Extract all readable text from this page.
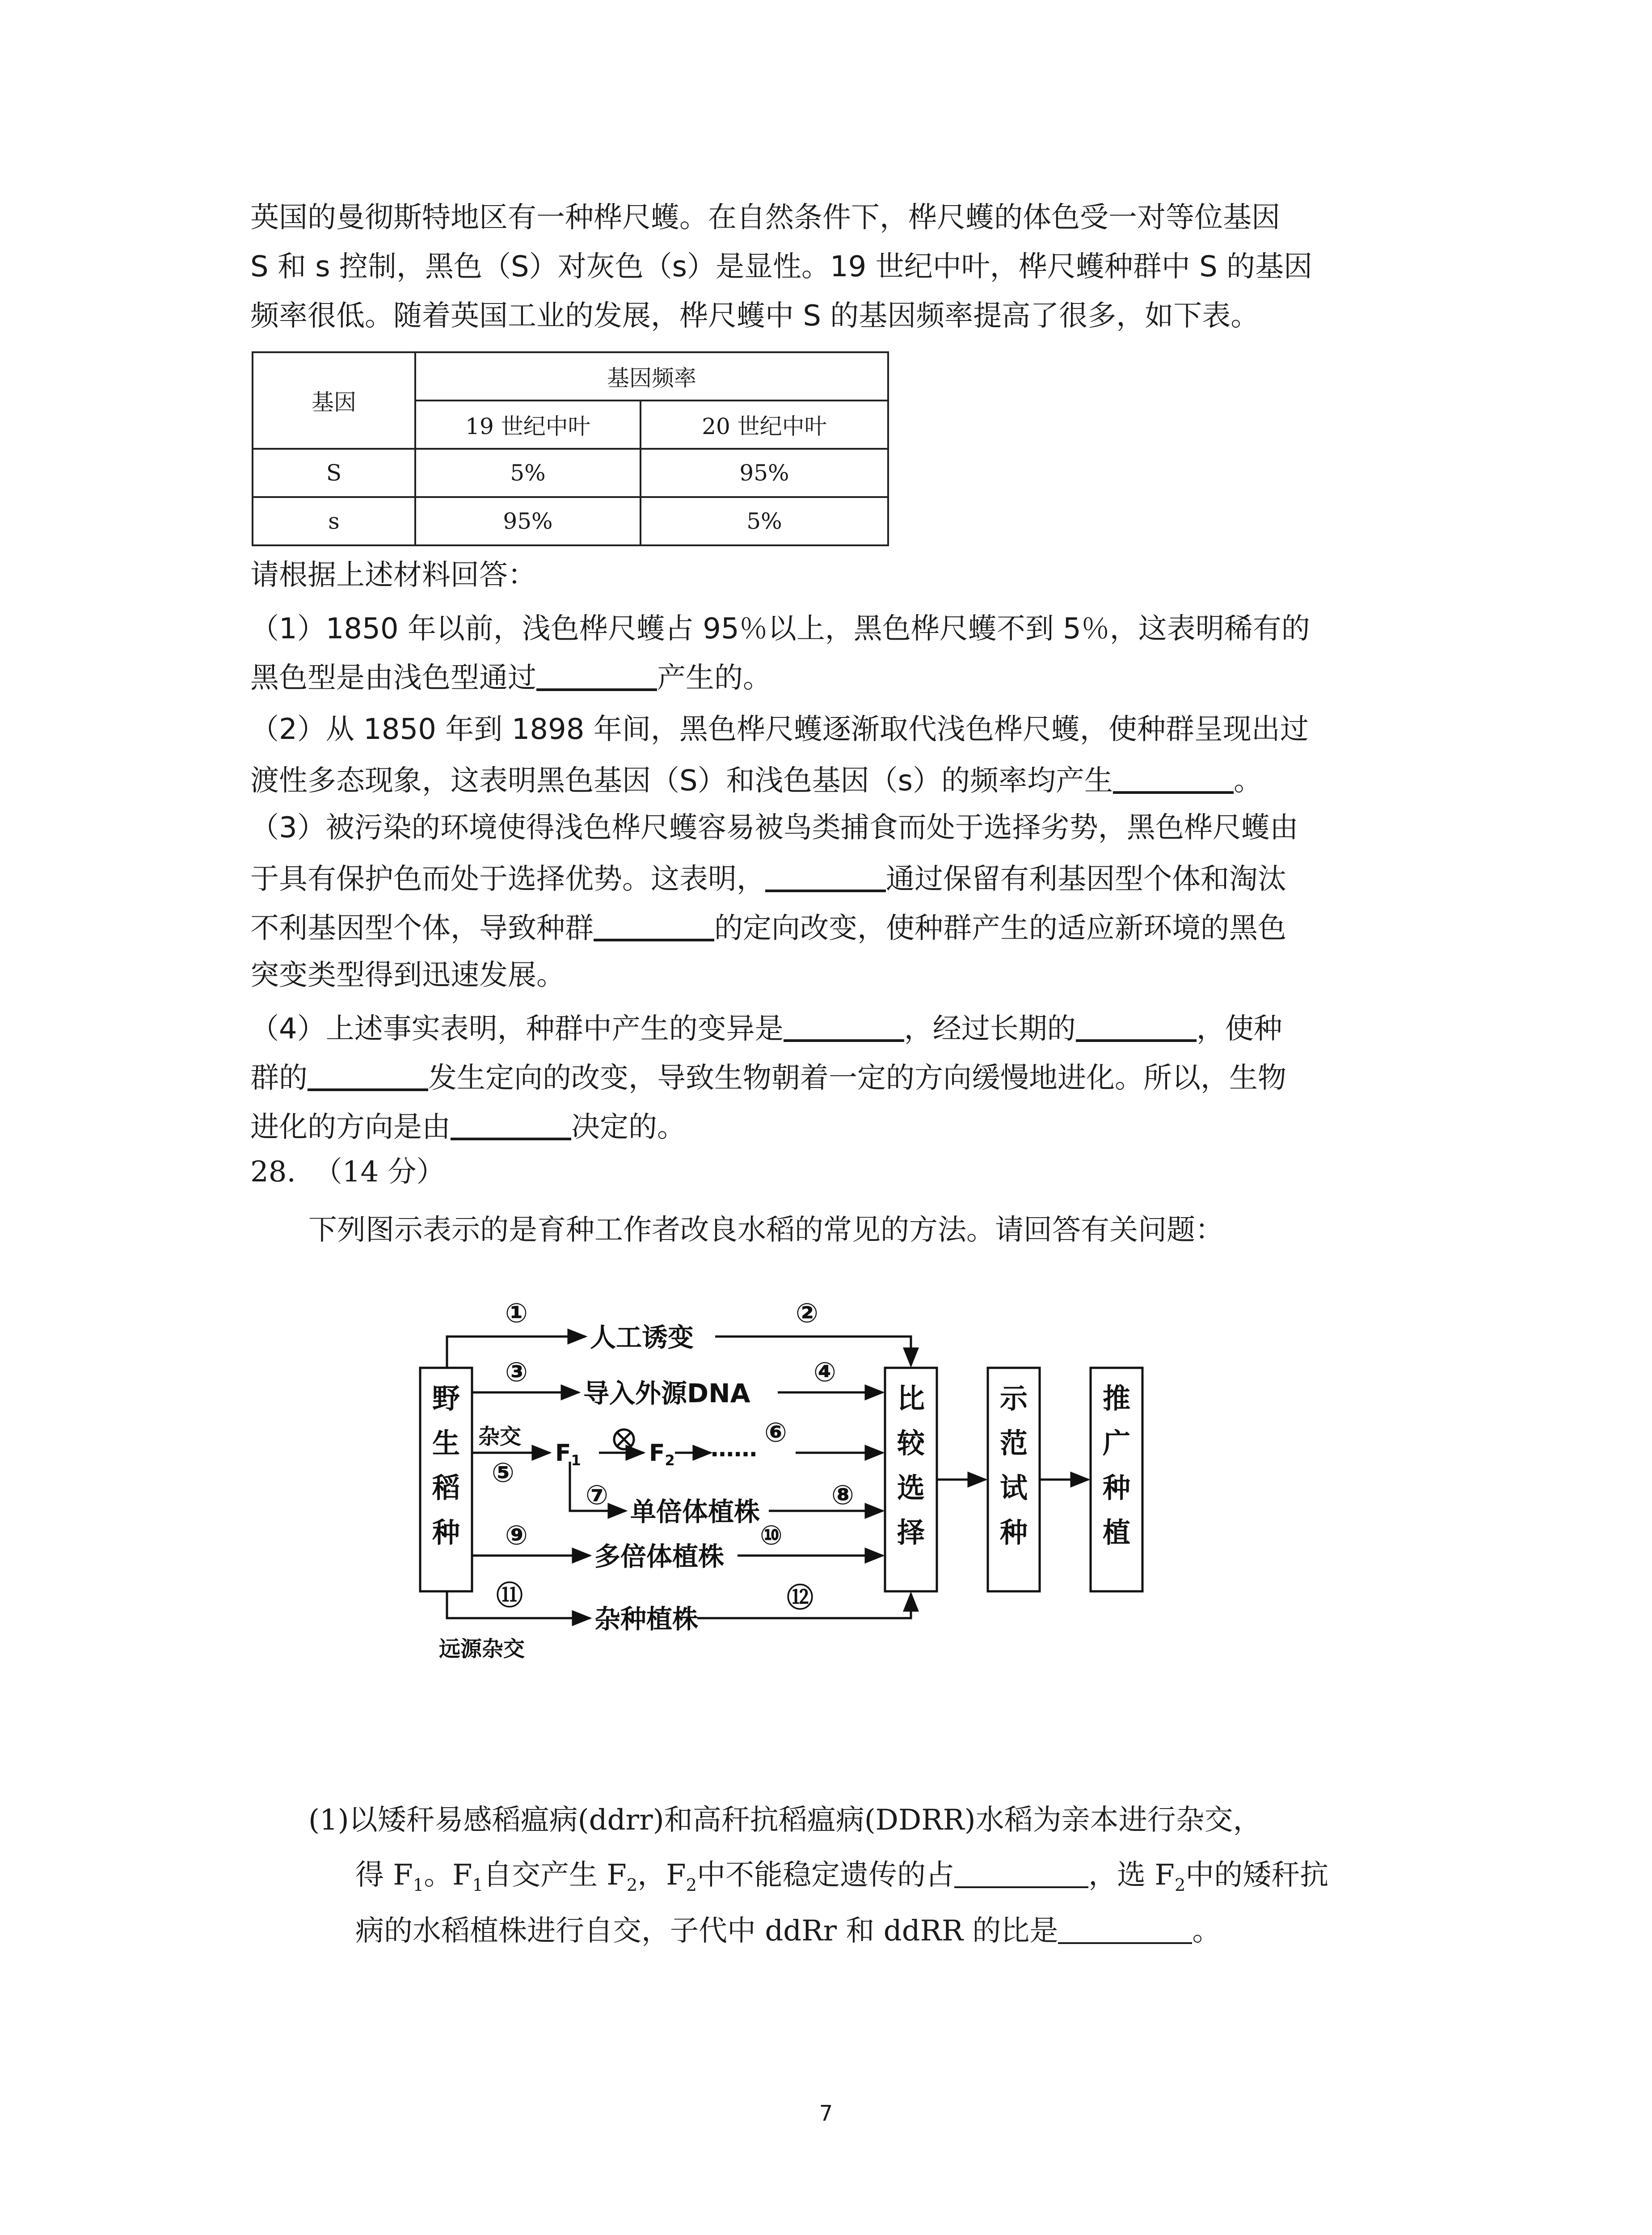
英国的曼彻斯特地区有一种桦尺蠖。在自然条件下，桦尺蠖的体色受一对等位基因
S 和 s 控制，黑色（S）对灰色（s）是显性。19 世纪中叶，桦尺蠖种群中 S 的基因
频率很低。随着英国工业的发展，桦尺蠖中 S 的基因频率提高了很多，如下表。
基因	基因频率	
	19 世纪中叶	20 世纪中叶
S	5%	95%
s	95%	5%
请根据上述材料回答：
（1）1850 年以前，浅色桦尺蠖占 95％以上，黑色桦尺蠖不到 5％，这表明稀有的
黑色型是由浅色型通过	产生的。
（2）从 1850 年到 1898 年间，黑色桦尺蠖逐渐取代浅色桦尺蠖，使种群呈现出过
渡性多态现象，这表明黑色基因（S）和浅色基因（s）的频率均产生	。
（3）被污染的环境使得浅色桦尺蠖容易被鸟类捕食而处于选择劣势，黑色桦尺蠖由
于具有保护色而处于选择优势。这表明，	通过保留有利基因型个体和淘汰
不利基因型个体，导致种群	的定向改变，使种群产生的适应新环境的黑色
突变类型得到迅速发展。
（4）上述事实表明，种群中产生的变异是	，经过长期的	，使种
群的	发生定向的改变，导致生物朝着一定的方向缓慢地进化。所以，生物
进化的方向是由	决定的。
28. （14 分）
下列图示表示的是育种工作者改良水稻的常见的方法。请回答有关问题：
野
生
稻
种
比
较
选
择
示
范
试
种
推
广
种
植
人工诱变
导入外源DNA
单倍体植株
多倍体植株
杂种植株
杂交
远源杂交
F1	F2 ……
①	②
③	④
⑤
⑥
⑦	⑧
⑨	⑩
⑪	⑫
(1)以矮秆易感稻瘟病(ddrr)和高秆抗稻瘟病(DDRR)水稻为亲本进行杂交，
得 $F_1$。$F_1$自交产生 $F_2$，$F_2$中不能稳定遗传的占	，选 $F_2$中的矮秆抗
病的水稻植株进行自交，子代中 ddRr 和 ddRR 的比是	。
7
